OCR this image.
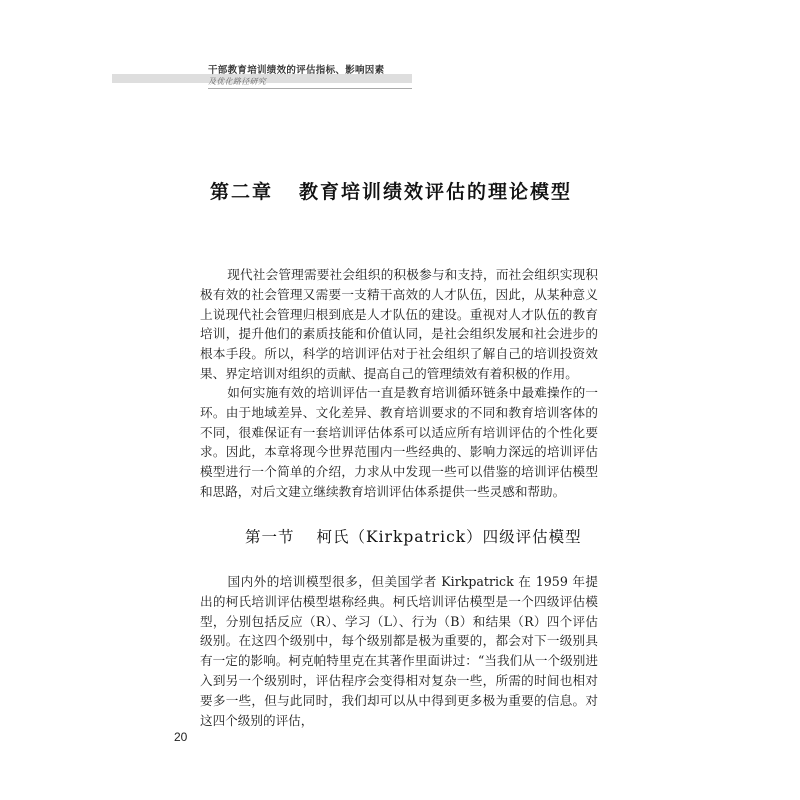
干部教育培训绩效的评估指标、影响因素
及优化路径研究
第二章 教育培训绩效评估的理论模型

现代社会管理需要社会组织的积极参与和支持，而社会组织实现积极有效的社会管理又需要一支精干高效的人才队伍，因此，从某种意义上说现代社会管理归根到底是人才队伍的建设。重视对人才队伍的教育培训，提升他们的素质技能和价值认同，是社会组织发展和社会进步的根本手段。所以，科学的培训评估对于社会组织了解自己的培训投资效果、界定培训对组织的贡献、提高自己的管理绩效有着积极的作用。

如何实施有效的培训评估一直是教育培训循环链条中最难操作的一环。由于地域差异、文化差异、教育培训要求的不同和教育培训客体的不同，很难保证有一套培训评估体系可以适应所有培训评估的个性化要求。因此，本章将现今世界范围内一些经典的、影响力深远的培训评估模型进行一个简单的介绍，力求从中发现一些可以借鉴的培训评估模型和思路，对后文建立继续教育培训评估体系提供一些灵感和帮助。

第一节 柯氏（Kirkpatrick）四级评估模型

国内外的培训模型很多，但美国学者 Kirkpatrick 在 1959 年提出的柯氏培训评估模型堪称经典。柯氏培训评估模型是一个四级评估模型，分别包括反应（R）、学习（L）、行为（B）和结果（R）四个评估级别。在这四个级别中，每个级别都是极为重要的，都会对下一级别具有一定的影响。柯克帕特里克在其著作里面讲过：“当我们从一个级别进入到另一个级别时，评估程序会变得相对复杂一些，所需的时间也相对要多一些，但与此同时，我们却可以从中得到更多极为重要的信息。对这四个级别的评估，

20
